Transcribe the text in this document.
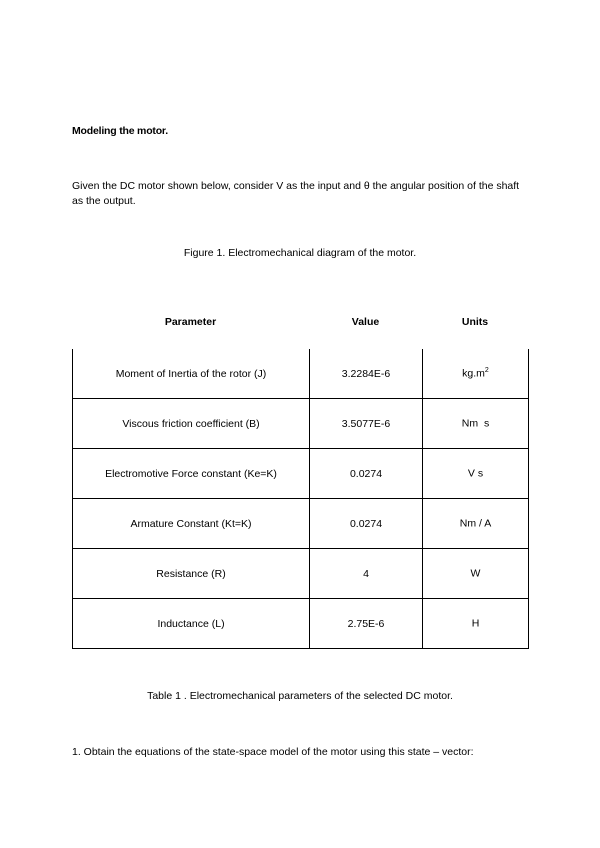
Modeling the motor.
Given the DC motor shown below, consider V as the input and θ the angular position of the shaft as the output.
Figure 1. Electromechanical diagram of the motor.
Parameter	Value	Units
Moment of Inertia of the rotor (J)	3.2284E-6	$kg.m^2$
Viscous friction coefficient (B)	3.5077E-6	Nm  s
Electromotive Force constant (Ke=K)	0.0274	V s
Armature Constant (Kt=K)	0.0274	Nm / A
Resistance (R)	4	W
Inductance (L)	2.75E-6	H
Table 1 . Electromechanical parameters of the selected DC motor.
1. Obtain the equations of the state-space model of the motor using this state – vector:
